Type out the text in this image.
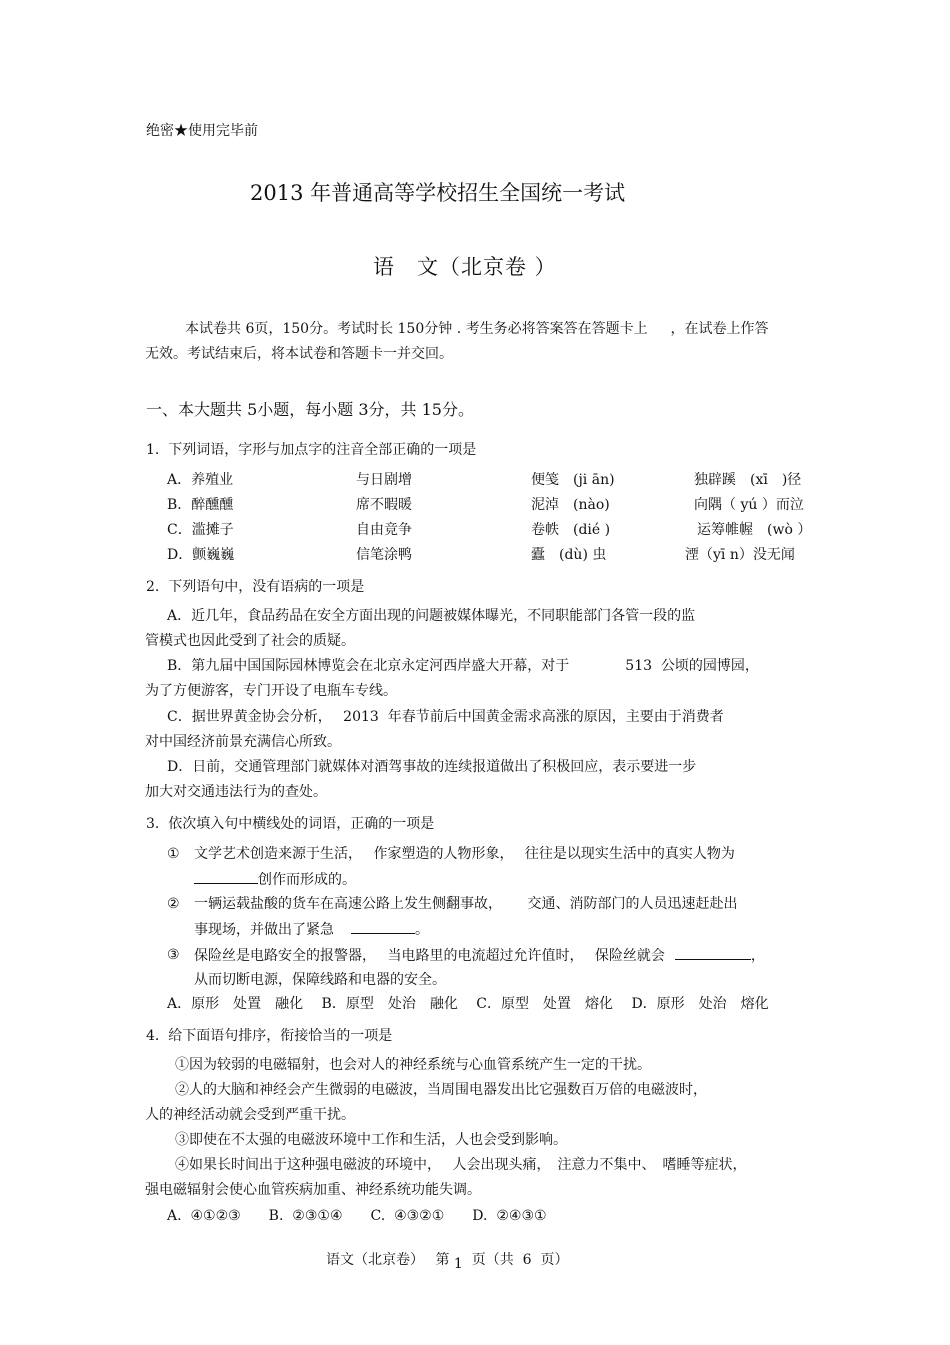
绝密★使用完毕前
2013 年普通高等学校招生全国统一考试
语　文（北京卷 ）
本试卷共 6页，150分。考试时长 150分钟 . 考生务必将答案答在答题卡上　  ，在试卷上作答
无效。考试结束后，将本试卷和答题卡一并交回。
一、本大题共 5小题，每小题 3分，共 15分。
1.  下列词语，字形与加点字的注音全部正确的一项是
A．养殖业	与日剧增	便笺　(ji ān)	独辟蹊　(xī　)径
B．醉醺醺	席不暇暖	泥淖　(nào)	向隅（ yú ）而泣
C．滥摊子	自由竞争	卷帙　(dié )	运筹帷幄　(wò ）
D．颤巍巍	信笔涂鸭	蠹　(dù) 虫	湮（yī n）没无闻
2.  下列语句中，没有语病的一项是
A．近几年，食品药品在安全方面出现的问题被媒体曝光，不同职能部门各管一段的监
管模式也因此受到了社会的质疑。
B．第九届中国国际园林博览会在北京永定河西岸盛大开幕，对于　　　　513  公顷的园博园，
为了方便游客，专门开设了电瓶车专线。
C．据世界黄金协会分析，　 2013  年春节前后中国黄金需求高涨的原因，主要由于消费者
对中国经济前景充满信心所致。
D．日前，交通管理部门就媒体对酒驾事故的连续报道做出了积极回应，表示要进一步
加大对交通违法行为的查处。
3.  依次填入句中横线处的词语，正确的一项是
① 文学艺术创造来源于生活，　 作家塑造的人物形象，　 往往是以现实生活中的真实人物为
创作而形成的。
② 一辆运载盐酸的货车在高速公路上发生侧翻事故，　　 交通、消防部门的人员迅速赶赴出
事现场，并做出了紧急	。
③ 保险丝是电路安全的报警器，　 当电路里的电流超过允许值时，　 保险丝就会	，
从而切断电源，保障线路和电器的安全。
A．原形　处置　融化　 B．原型　处治　融化　 C．原型　处置　熔化　 D．原形　处治　熔化
4.  给下面语句排序，衔接恰当的一项是
①因为较弱的电磁辐射，也会对人的神经系统与心血管系统产生一定的干扰。
②人的大脑和神经会产生微弱的电磁波，当周围电器发出比它强数百万倍的电磁波时，
人的神经活动就会受到严重干扰。
③即使在不太强的电磁波环境中工作和生活，人也会受到影响。
④如果长时间出于这种强电磁波的环境中，　 人会出现头痛，　注意力不集中、　嗜睡等症状，
强电磁辐射会使心血管疾病加重、神经系统功能失调。
A.  ④①②③　　B.  ②③①④　　C.  ④③②①　　D.  ②④③①
语文（北京卷）　 第 1 页（共  6  页）
